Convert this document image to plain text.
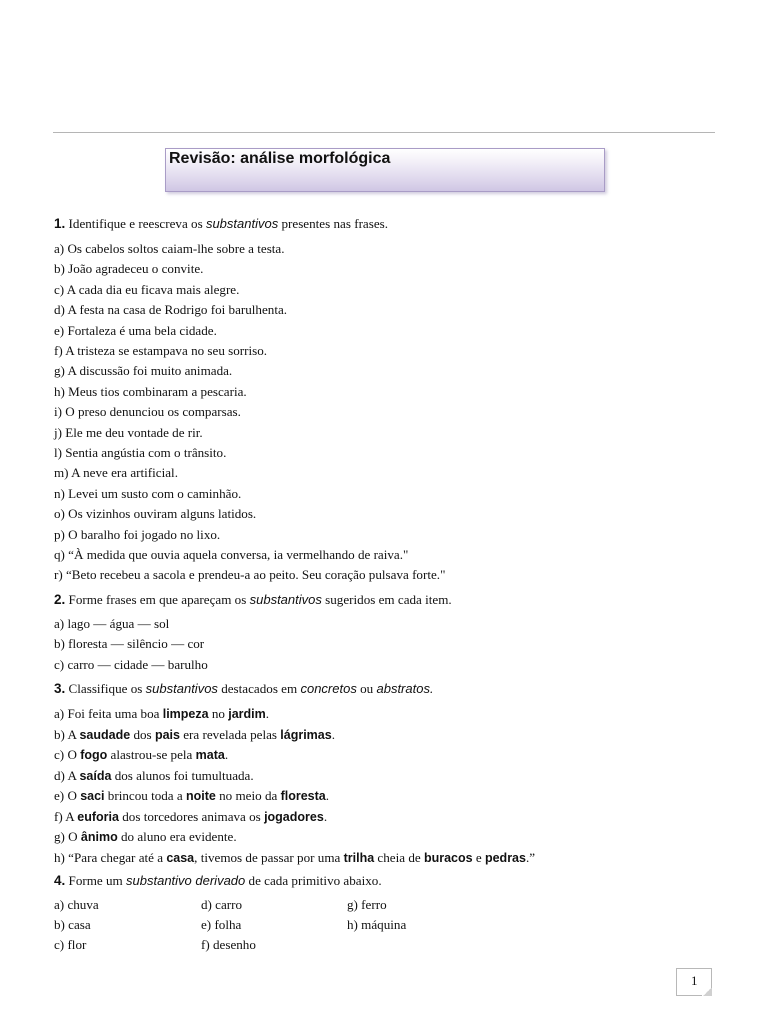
Revisão: análise morfológica
1. Identifique e reescreva os substantivos presentes nas frases.
a) Os cabelos soltos caiam-lhe sobre a testa.
b) João agradeceu o convite.
c) A cada dia eu ficava mais alegre.
d) A festa na casa de Rodrigo foi barulhenta.
e) Fortaleza é uma bela cidade.
f) A tristeza se estampava no seu sorriso.
g) A discussão foi muito animada.
h) Meus tios combinaram a pescaria.
i) O preso denunciou os comparsas.
j) Ele me deu vontade de rir.
l) Sentia angústia com o trânsito.
m) A neve era artificial.
n) Levei um susto com o caminhão.
o) Os vizinhos ouviram alguns latidos.
p) O baralho foi jogado no lixo.
q) “À medida que ouvia aquela conversa, ia vermelhando de raiva."
r) “Beto recebeu a sacola e prendeu-a ao peito. Seu coração pulsava forte."
2. Forme frases em que apareçam os substantivos sugeridos em cada item.
a) lago — água — sol
b) floresta — silêncio — cor
c) carro — cidade — barulho
3. Classifique os substantivos destacados em concretos ou abstratos.
a) Foi feita uma boa limpeza no jardim.
b) A saudade dos pais era revelada pelas lágrimas.
c) O fogo alastrou-se pela mata.
d) A saída dos alunos foi tumultuada.
e) O saci brincou toda a noite no meio da floresta.
f) A euforia dos torcedores animava os jogadores.
g) O ânimo do aluno era evidente.
h) “Para chegar até a casa, tivemos de passar por uma trilha cheia de buracos e pedras.”
4. Forme um substantivo derivado de cada primitivo abaixo.
a) chuva
b) casa
c) flor
d) carro
e) folha
f) desenho
g) ferro
h) máquina
1
